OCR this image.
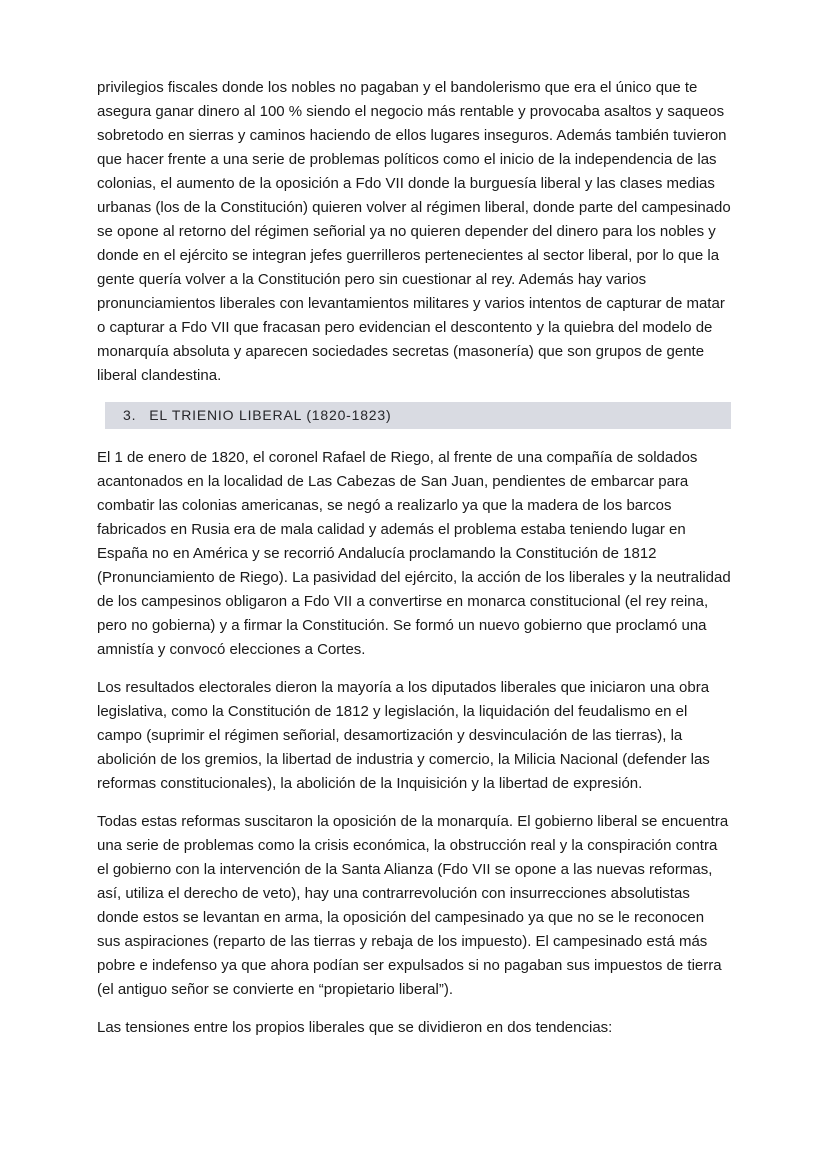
privilegios fiscales donde los nobles no pagaban y el bandolerismo que era el único que te asegura ganar dinero al 100 % siendo el negocio más rentable y provocaba asaltos y saqueos sobretodo en sierras y caminos haciendo de ellos lugares inseguros. Además también tuvieron que hacer frente a una serie de problemas políticos como el inicio de la independencia de las colonias, el aumento de la oposición a Fdo VII donde la burguesía liberal y las clases medias urbanas (los de la Constitución) quieren volver al régimen liberal, donde parte del campesinado se opone al retorno del régimen señorial ya no quieren depender del dinero para los nobles y donde en el ejército se integran jefes guerrilleros pertenecientes al sector liberal, por lo que la gente quería volver a la Constitución pero sin cuestionar al rey. Además hay varios pronunciamientos liberales con levantamientos militares y varios intentos de capturar de matar o capturar a Fdo VII que fracasan pero evidencian el descontento y la quiebra del modelo de monarquía absoluta y aparecen sociedades secretas (masonería) que son grupos de gente liberal clandestina.

3. EL TRIENIO LIBERAL (1820-1823)

El 1 de enero de 1820, el coronel Rafael de Riego, al frente de una compañía de soldados acantonados en la localidad de Las Cabezas de San Juan, pendientes de embarcar para combatir las colonias americanas, se negó a realizarlo ya que la madera de los barcos fabricados en Rusia era de mala calidad y además el problema estaba teniendo lugar en España no en América y se recorrió Andalucía proclamando la Constitución de 1812 (Pronunciamiento de Riego). La pasividad del ejército, la acción de los liberales y la neutralidad de los campesinos obligaron a Fdo VII a convertirse en monarca constitucional (el rey reina, pero no gobierna) y a firmar la Constitución. Se formó un nuevo gobierno que proclamó una amnistía y convocó elecciones a Cortes.

Los resultados electorales dieron la mayoría a los diputados liberales que iniciaron una obra legislativa, como la Constitución de 1812 y legislación, la liquidación del feudalismo en el campo (suprimir el régimen señorial, desamortización y desvinculación de las tierras), la abolición de los gremios, la libertad de industria y comercio, la Milicia Nacional (defender las reformas constitucionales), la abolición de la Inquisición y la libertad de expresión.

Todas estas reformas suscitaron la oposición de la monarquía. El gobierno liberal se encuentra una serie de problemas como la crisis económica, la obstrucción real y la conspiración contra el gobierno con la intervención de la Santa Alianza (Fdo VII se opone a las nuevas reformas, así, utiliza el derecho de veto), hay una contrarrevolución con insurrecciones absolutistas donde estos se levantan en arma, la oposición del campesinado ya que no se le reconocen sus aspiraciones (reparto de las tierras y rebaja de los impuesto). El campesinado está más pobre e indefenso ya que ahora podían ser expulsados si no pagaban sus impuestos de tierra (el antiguo señor se convierte en “propietario liberal”).

Las tensiones entre los propios liberales que se dividieron en dos tendencias:
